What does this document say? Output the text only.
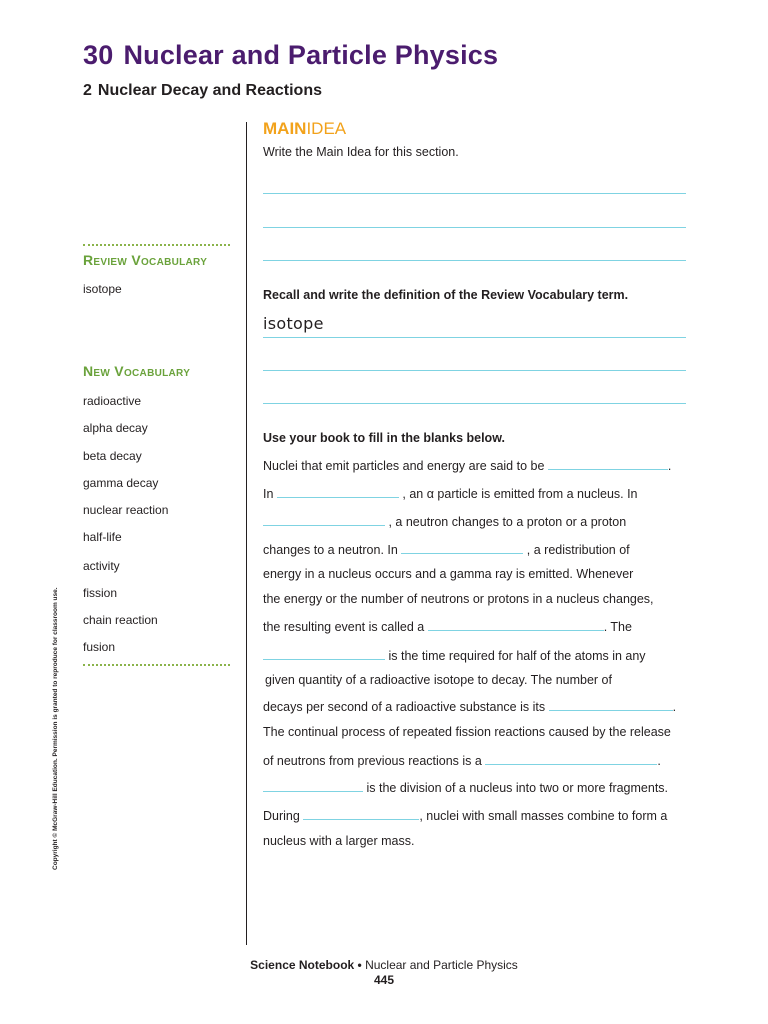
30 Nuclear and Particle Physics
2 Nuclear Decay and Reactions
Review Vocabulary
isotope
New Vocabulary
radioactive
alpha decay
beta decay
gamma decay
nuclear reaction
half-life
activity
fission
chain reaction
fusion
MAINIDEA
Write the Main Idea for this section.
Recall and write the definition of the Review Vocabulary term.
isotope
Use your book to fill in the blanks below.
Nuclei that emit particles and energy are said to be	.
In	, an α particle is emitted from a nucleus. In
, a neutron changes to a proton or a proton
changes to a neutron. In	, a redistribution of
energy in a nucleus occurs and a gamma ray is emitted. Whenever
the energy or the number of neutrons or protons in a nucleus changes,
the resulting event is called a	. The
is the time required for half of the atoms in any
given quantity of a radioactive isotope to decay. The number of
decays per second of a radioactive substance is its	.
The continual process of repeated fission reactions caused by the release
of neutrons from previous reactions is a	.
is the division of a nucleus into two or more fragments.
During	, nuclei with small masses combine to form a
nucleus with a larger mass.
Copyright © McGraw-Hill Education. Permission is granted to reproduce for classroom use.
Science Notebook • Nuclear and Particle Physics
445
